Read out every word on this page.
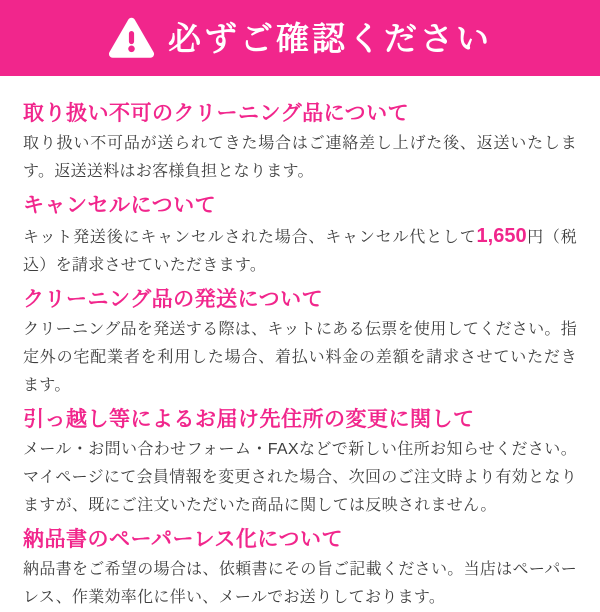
必ずご確認ください
取り扱い不可のクリーニング品について

取り扱い不可品が送られてきた場合はご連絡差し上げた後、返送いたします。返送送料はお客様負担となります。

キャンセルについて

キット発送後にキャンセルされた場合、キャンセル代として1,650円（税込）を請求させていただきます。

クリーニング品の発送について

クリーニング品を発送する際は、キットにある伝票を使用してください。指定外の宅配業者を利用した場合、着払い料金の差額を請求させていただきます。

引っ越し等によるお届け先住所の変更に関して

メール・お問い合わせフォーム・FAXなどで新しい住所お知らせください。マイページにて会員情報を変更された場合、次回のご注文時より有効となりますが、既にご注文いただいた商品に関しては反映されません。

納品書のペーパーレス化について

納品書をご希望の場合は、依頼書にその旨ご記載ください。当店はペーパーレス、作業効率化に伴い、メールでお送りしております。
